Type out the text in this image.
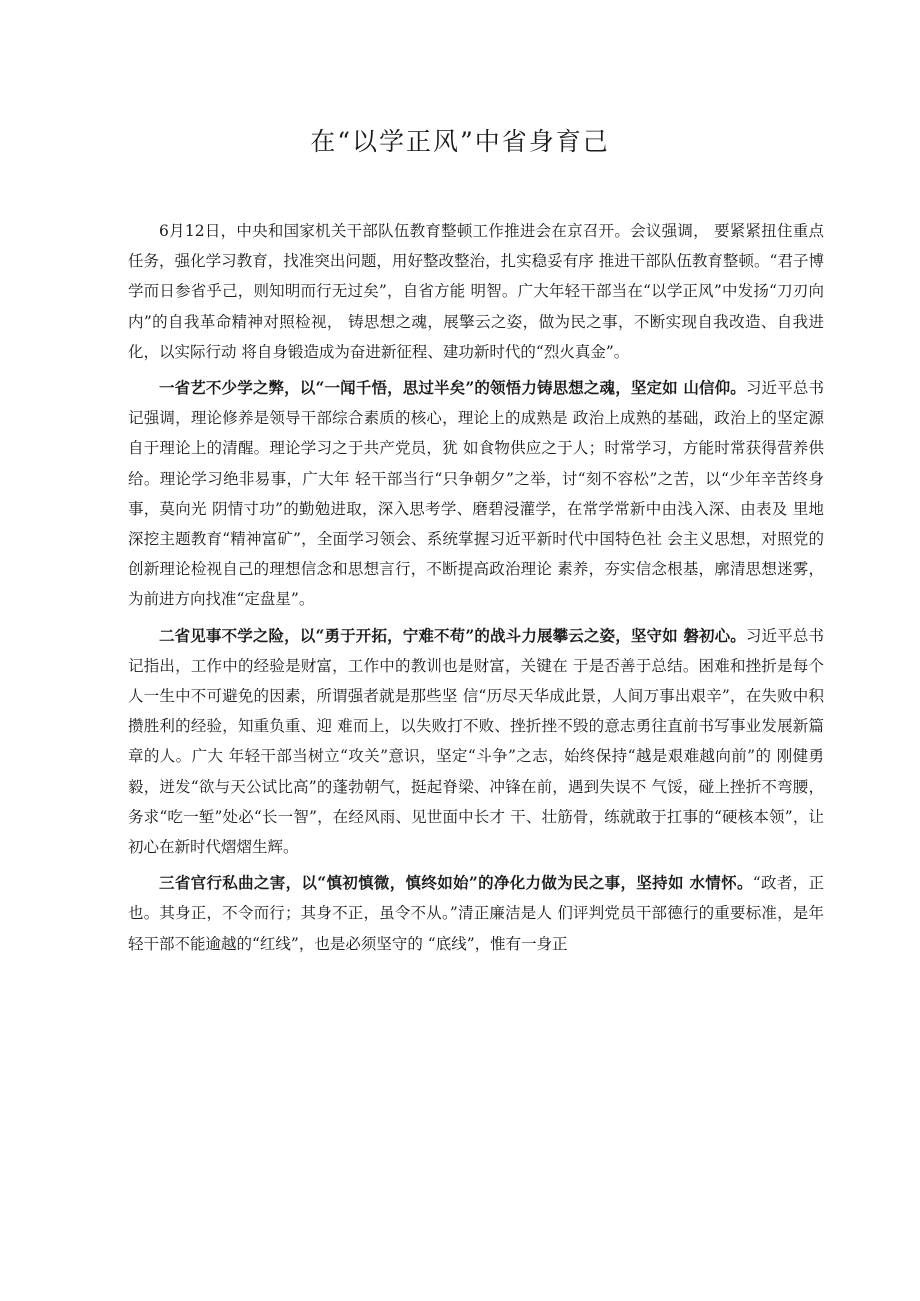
在“以学正风”中省身育己

6月12日，中央和国家机关干部队伍教育整顿工作推进会在京召开。会议强调， 要紧紧扭住重点任务，强化学习教育，找准突出问题，用好整改整治，扎实稳妥有序 推进干部队伍教育整顿。“君子博学而日参省乎己，则知明而行无过矣”，自省方能 明智。广大年轻干部当在“以学正风”中发扬“刀刃向内”的自我革命精神对照检视， 铸思想之魂，展擎云之姿，做为民之事，不断实现自我改造、自我进化，以实际行动 将自身锻造成为奋进新征程、建功新时代的“烈火真金”。

一省艺不少学之弊，以“一闻千悟，思过半矣”的领悟力铸思想之魂，坚定如 山信仰。习近平总书记强调，理论修养是领导干部综合素质的核心，理论上的成熟是 政治上成熟的基础，政治上的坚定源自于理论上的清醒。理论学习之于共产党员，犹 如食物供应之于人；时常学习，方能时常获得营养供给。理论学习绝非易事，广大年 轻干部当行“只争朝夕”之举，讨“刻不容松”之苦，以“少年辛苦终身事，莫向光 阴情寸功”的勤勉进取，深入思考学、磨碧浸灌学，在常学常新中由浅入深、由表及 里地深挖主题教育“精神富矿”，全面学习领会、系统掌握习近平新时代中国特色社 会主义思想，对照党的创新理论检视自己的理想信念和思想言行，不断提高政治理论 素养，夯实信念根基，廓清思想迷雾，为前进方向找准“定盘星”。

二省见事不学之险，以“勇于开拓，宁难不苟”的战斗力展攀云之姿，坚守如 磐初心。习近平总书记指出，工作中的经验是财富，工作中的教训也是财富，关键在 于是否善于总结。困难和挫折是每个人一生中不可避免的因素，所谓强者就是那些坚 信“历尽天华成此景，人间万事出艰辛”，在失败中积攒胜利的经验，知重负重、迎 难而上，以失败打不败、挫折挫不毁的意志勇往直前书写事业发展新篇章的人。广大 年轻干部当树立“攻关”意识，坚定“斗争”之志，始终保持“越是艰难越向前”的 刚健勇毅，迸发“欲与天公试比高”的蓬勃朝气，挺起脊梁、冲锋在前，遇到失误不 气馁，碰上挫折不弯腰，务求“吃一堑”处必“长一智”，在经风雨、见世面中长才 干、壮筋骨，练就敢于扛事的“硬核本领”，让初心在新时代熠熠生辉。

三省官行私曲之害，以“慎初慎微，慎终如始”的净化力做为民之事，坚持如 水情怀。“政者，正也。其身正，不令而行；其身不正，虽令不从。”清正廉洁是人 们评判党员干部德行的重要标准，是年轻干部不能逾越的“红线”，也是必须坚守的 “底线”，惟有一身正
